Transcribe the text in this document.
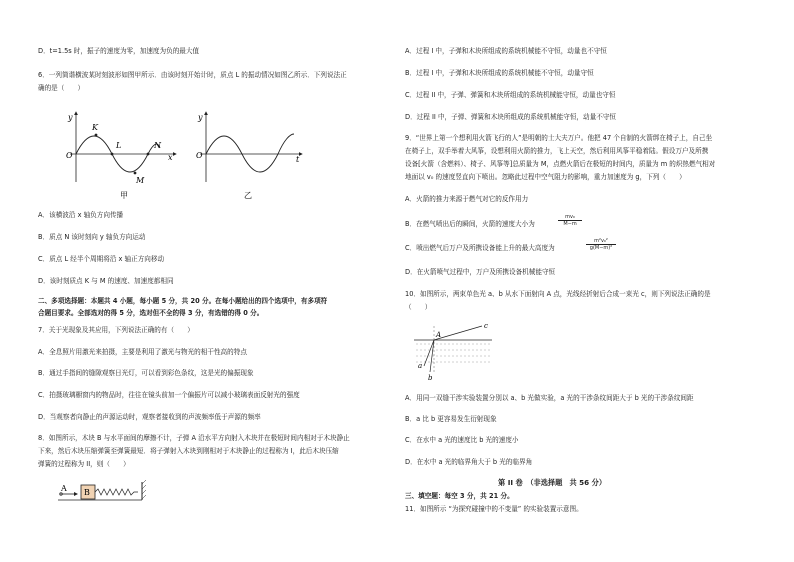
D．t=1.5s 时，振子的速度为零，加速度为负的最大值
6．一列简谐横波某时刻波形如图甲所示．由该时刻开始计时，质点 L 的振动情况如图乙所示．下列说法正
确的是（　　）
y
K
L	N
O
M
x
甲
y
O	t
乙
A．该横波沿 x 轴负方向传播
B．质点 N 该时刻向 y 轴负方向运动
C．质点 L 经半个周期将沿 x 轴正方向移动
D．该时刻质点 K 与 M 的速度、加速度都相同
二、多项选择题：本题共 4 小题，每小题 5 分，共 20 分。在每小题给出的四个选项中，有多项符
合题目要求。全部选对的得 5 分，选对但不全的得 3 分，有选错的得 0 分。
7．关于光现象及其应用，下列说法正确的有（　　）
A．全息照片用激光来拍摄，主要是利用了激光与物光的相干性高的特点
B．通过手指间的缝隙观察日光灯，可以看到彩色条纹，这是光的偏振现象
C．拍摄玻璃橱窗内的物品时，往往在镜头前加一个偏振片可以减小玻璃表面反射光的强度
D．当观察者向静止的声源运动时，观察者接收到的声波频率低于声源的频率
8．如图所示，木块 B 与水平面间的摩擦不计，子弹 A 沿水平方向射入木块并在极短时间内相对于木块静止
下来，然后木块压缩弹簧至弹簧最短．将子弹射入木块到刚相对于木块静止的过程称为 I，此后木块压缩
弹簧的过程称为 II，则（　　）
A B
A．过程 I 中，子弹和木块所组成的系统机械能不守恒，动量也不守恒
B．过程 I 中，子弹和木块所组成的系统机械能不守恒，动量守恒
C．过程 II 中，子弹、弹簧和木块所组成的系统机械能守恒，动量也守恒
D．过程 II 中，子弹、弹簧和木块所组成的系统机械能守恒，动量不守恒
9．“世界上第一个想利用火箭飞行的人”是明朝的士大夫万户。他把 47 个自制的火箭绑在椅子上，自己坐
在椅子上，双手举着大风筝，设想利用火箭的推力，飞上天空，然后利用风筝平稳着陆。假设万户及所携
设备[火箭（含燃料）、椅子、风筝等]总质量为 M，点燃火箭后在极短的时间内，质量为 m 的炽热燃气相对
地面以 v₀ 的速度竖直向下喷出。忽略此过程中空气阻力的影响，重力加速度为 g，下列（　　）
A．火箭的推力来源于燃气对它的反作用力
B．在燃气喷出后的瞬间，火箭的速度大小为	$\frac{\text{mv₀}}{M-m}$
C．喷出燃气后万户及所携设备能上升的最大高度为	$\frac{\text{m²v₀²}}{\text{g(M−m)²}}$
D．在火箭喷气过程中，万户及所携设备机械能守恒
10．如图所示，两束单色光 a、b 从水下面射向 A 点，光线经折射后合成一束光 c，则下列说法正确的是
（　　）
A
c
a
b
A．用同一双缝干涉实验装置分别以 a、b 光做实验，a 光的干涉条纹间距大于 b 光的干涉条纹间距
B．a 比 b 更容易发生衍射现象
C．在水中 a 光的速度比 b 光的速度小
D．在水中 a 光的临界角大于 b 光的临界角
第 II 卷　（非选择题　共 56 分）
三、填空题：每空 3 分，共 21 分。
11．如图所示 “为探究碰撞中的不变量” 的实验装置示意图。
